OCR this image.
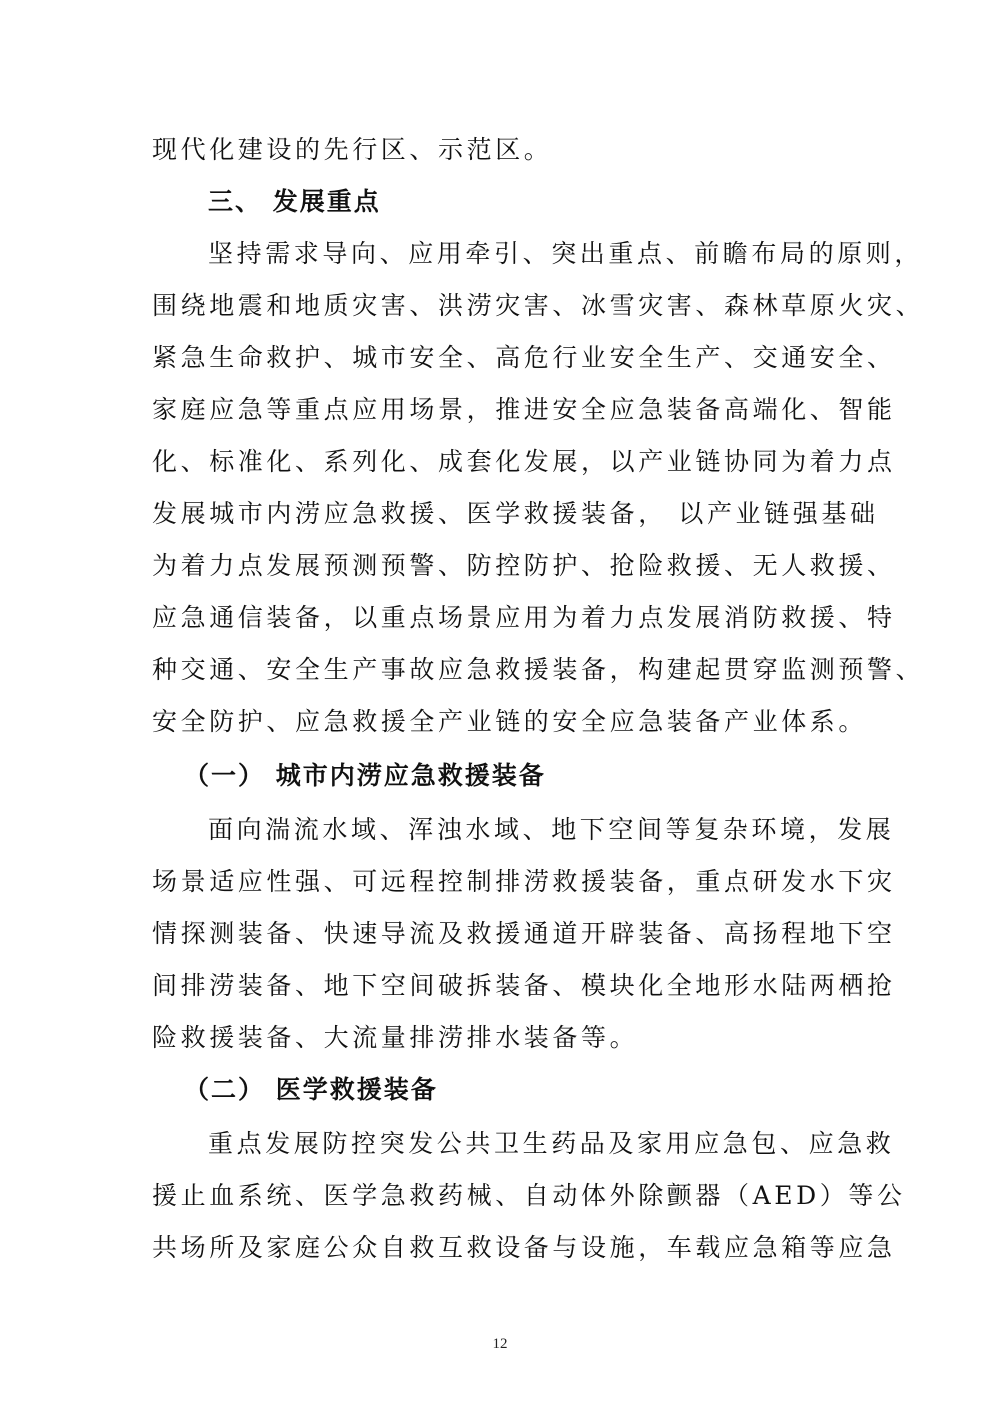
现代化建设的先行区、示范区。
三、 发展重点
坚持需求导向、应用牵引、突出重点、前瞻布局的原则，
围绕地震和地质灾害、洪涝灾害、冰雪灾害、森林草原火灾、
紧急生命救护、城市安全、高危行业安全生产、交通安全、
家庭应急等重点应用场景，推进安全应急装备高端化、智能
化、标准化、系列化、成套化发展，以产业链协同为着力点
发展城市内涝应急救援、医学救援装备， 以产业链强基础
为着力点发展预测预警、防控防护、抢险救援、无人救援、
应急通信装备，以重点场景应用为着力点发展消防救援、特
种交通、安全生产事故应急救援装备，构建起贯穿监测预警、
安全防护、应急救援全产业链的安全应急装备产业体系。
（一） 城市内涝应急救援装备
面向湍流水域、浑浊水域、地下空间等复杂环境，发展
场景适应性强、可远程控制排涝救援装备，重点研发水下灾
情探测装备、快速导流及救援通道开辟装备、高扬程地下空
间排涝装备、地下空间破拆装备、模块化全地形水陆两栖抢
险救援装备、大流量排涝排水装备等。
（二） 医学救援装备
重点发展防控突发公共卫生药品及家用应急包、应急救
援止血系统、医学急救药械、自动体外除颤器（AED）等公
共场所及家庭公众自救互救设备与设施，车载应急箱等应急
12
